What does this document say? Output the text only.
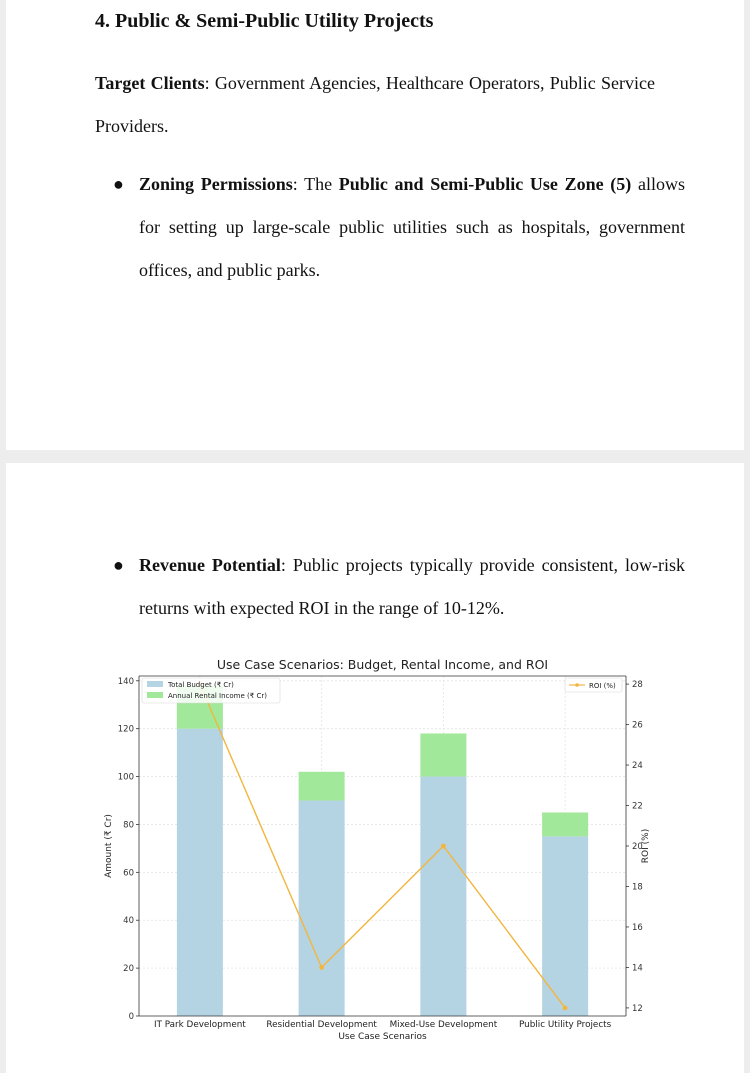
4. Public & Semi-Public Utility Projects

Target Clients: Government Agencies, Healthcare Operators, Public Service Providers.

● Zoning Permissions: The Public and Semi-Public Use Zone (5) allows for setting up large-scale public utilities such as hospitals, government offices, and public parks.
● Revenue Potential: Public projects typically provide consistent, low-risk returns with expected ROI in the range of 10-12%.
Use Case Scenarios: Budget, Rental Income, and ROI
0
20
40
60
80
100
120
140
12
14
16
18
20
22
24
26
28
IT Park Development Residential Development Mixed-Use Development Public Utility Projects
Use Case Scenarios
Amount (₹ Cr)	ROI (%)
Total Budget (₹ Cr)
Annual Rental Income (₹ Cr)
ROI (%)
